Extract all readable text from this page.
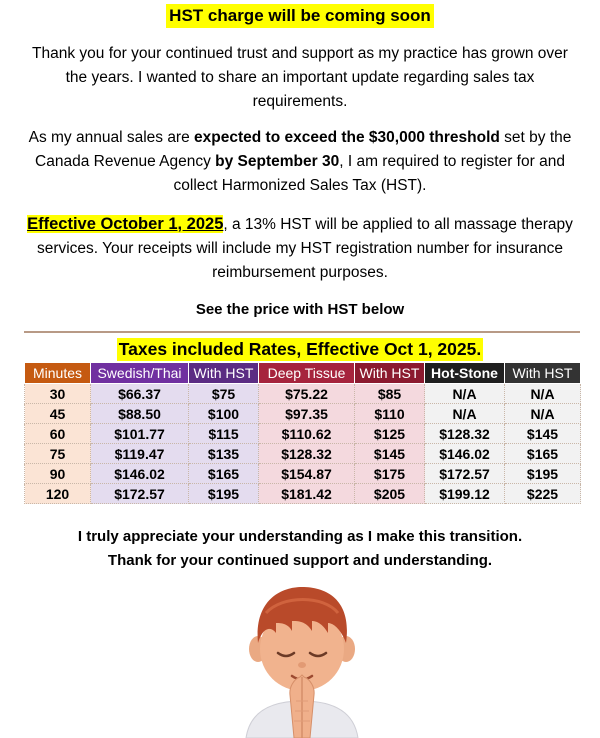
HST charge will be coming soon

Thank you for your continued trust and support as my practice has grown over the years. I wanted to share an important update regarding sales tax requirements.

As my annual sales are expected to exceed the $30,000 threshold set by the Canada Revenue Agency by September 30, I am required to register for and collect Harmonized Sales Tax (HST).

Effective October 1, 2025, a 13% HST will be applied to all massage therapy services. Your receipts will include my HST registration number for insurance reimbursement purposes.

See the price with HST below
Taxes included Rates, Effective Oct 1, 2025.
Minutes	Swedish/Thai	With HST	Deep Tissue	With HST	Hot-Stone	With HST
30	$66.37	$75	$75.22	$85	N/A	N/A
45	$88.50	$100	$97.35	$110	N/A	N/A
60	$101.77	$115	$110.62	$125	$128.32	$145
75	$119.47	$135	$128.32	$145	$146.02	$165
90	$146.02	$165	$154.87	$175	$172.57	$195
120	$172.57	$195	$181.42	$205	$199.12	$225
I truly appreciate your understanding as I make this transition.
Thank for your continued support and understanding.
